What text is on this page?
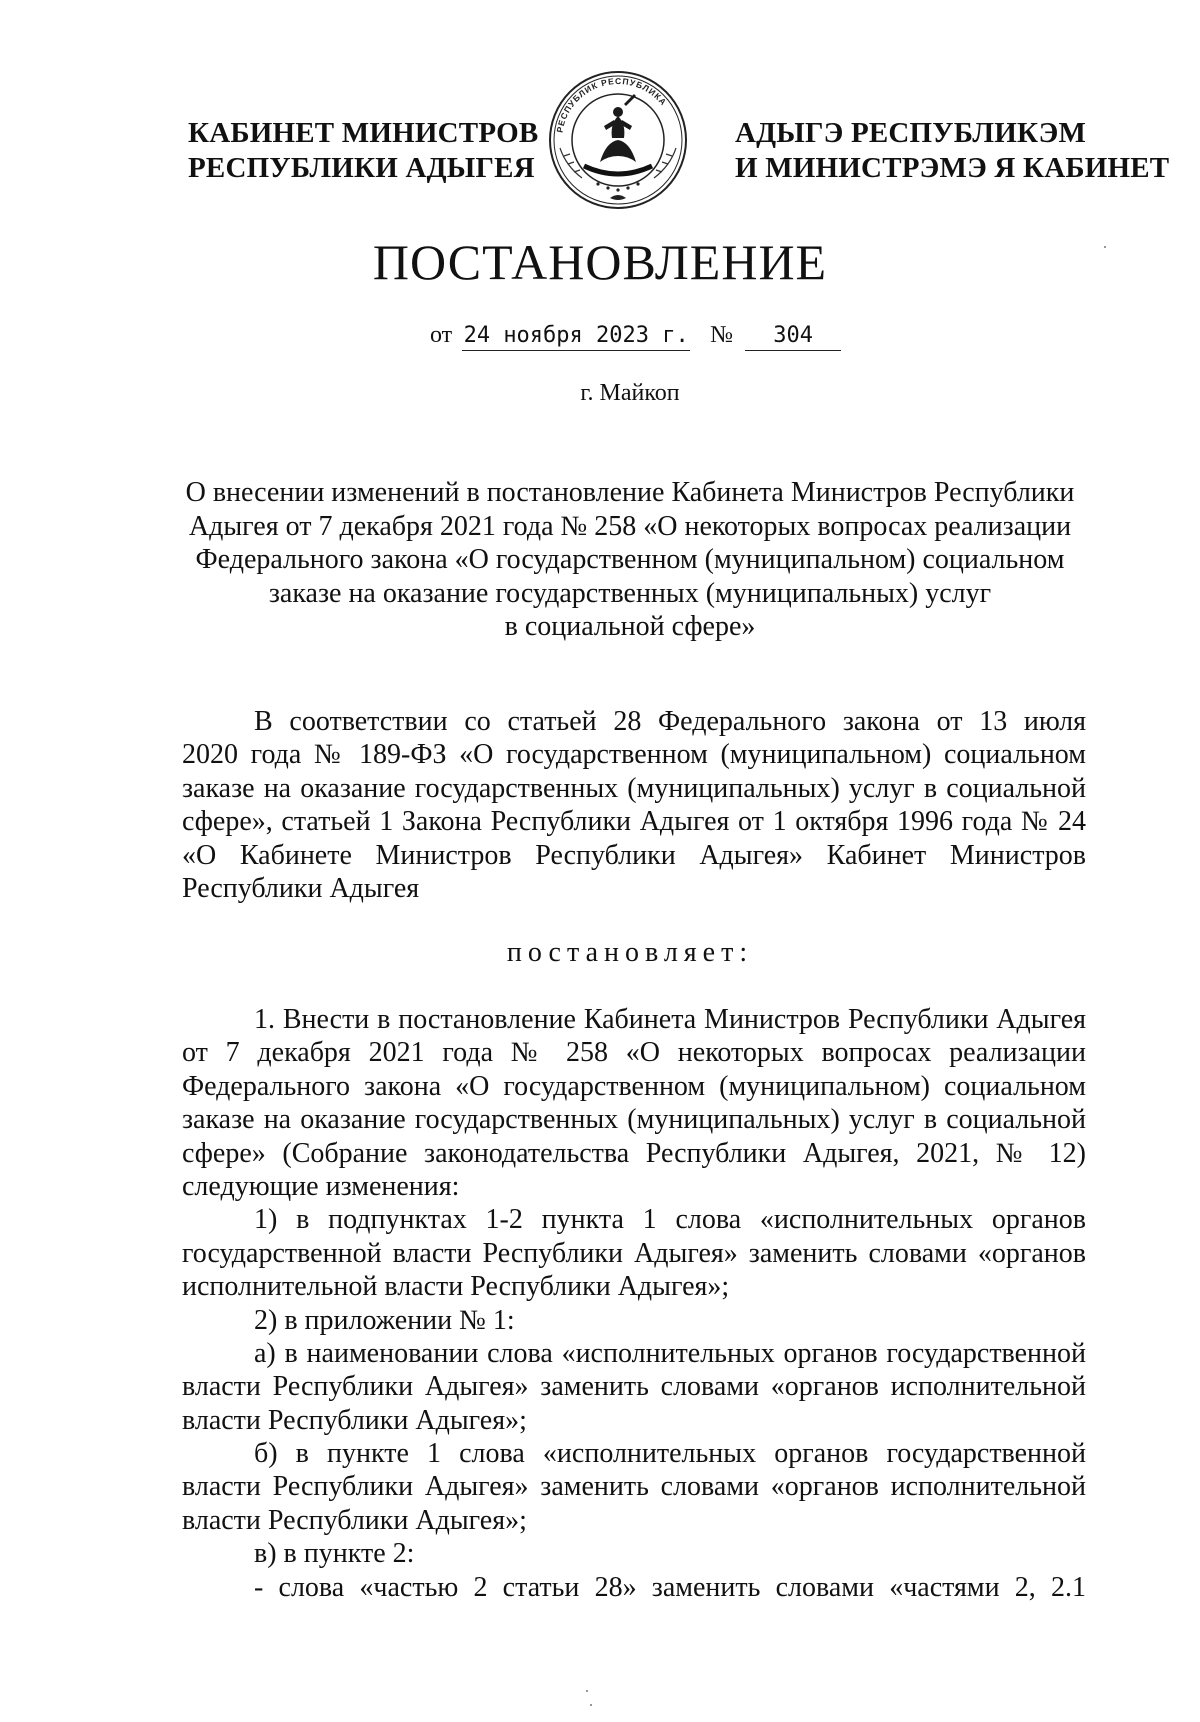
КАБИНЕТ МИНИСТРОВ
РЕСПУБЛИКИ АДЫГЕЯ
РЕСПУБЛИК РЕСПУБЛИКА
АДЫГЭ РЕСПУБЛИКЭМ
И МИНИСТРЭМЭ Я КАБИНЕТ
ПОСТАНОВЛЕНИЕ
от 24 ноября 2023 г. № 304
г. Майкоп
О внесении изменений в постановление Кабинета Министров Республики
Адыгея от 7 декабря 2021 года № 258 «О некоторых вопросах реализации
Федерального закона «О государственном (муниципальном) социальном
заказе на оказание государственных (муниципальных) услуг
в социальной сфере»
В соответствии со статьей 28 Федерального закона от 13 июля
2020 года № 189-ФЗ «О государственном (муниципальном) социальном
заказе на оказание государственных (муниципальных) услуг в социальной
сфере», статьей 1 Закона Республики Адыгея от 1 октября 1996 года № 24
«О Кабинете Министров Республики Адыгея» Кабинет Министров
Республики Адыгея
постановляет:
1. Внести в постановление Кабинета Министров Республики Адыгея
от 7 декабря 2021 года № 258 «О некоторых вопросах реализации
Федерального закона «О государственном (муниципальном) социальном
заказе на оказание государственных (муниципальных) услуг в социальной
сфере» (Собрание законодательства Республики Адыгея, 2021, № 12)
следующие изменения:
1) в подпунктах 1-2 пункта 1 слова «исполнительных органов
государственной власти Республики Адыгея» заменить словами «органов
исполнительной власти Республики Адыгея»;
2) в приложении № 1:
а) в наименовании слова «исполнительных органов государственной
власти Республики Адыгея» заменить словами «органов исполнительной
власти Республики Адыгея»;
б) в пункте 1 слова «исполнительных органов государственной
власти Республики Адыгея» заменить словами «органов исполнительной
власти Республики Адыгея»;
в) в пункте 2:
- слова «частью 2 статьи 28» заменить словами «частями 2, 2.1
